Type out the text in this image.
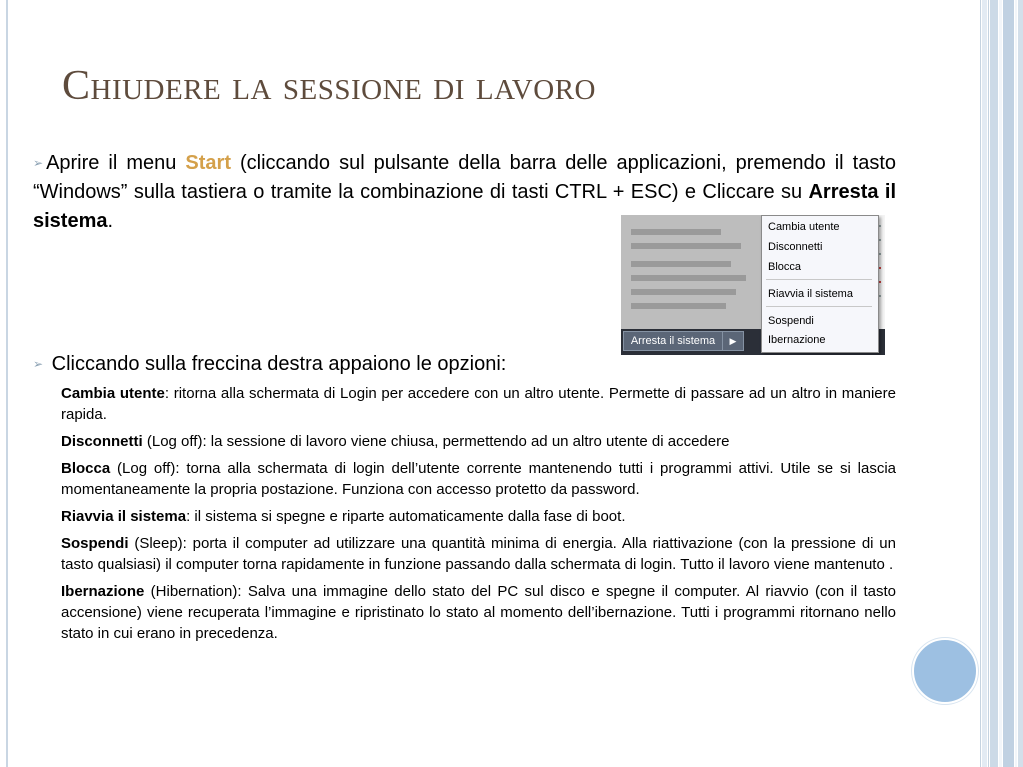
Chiudere la sessione di lavoro

➢ Aprire il menu Start (cliccando sul pulsante della barra delle applicazioni, premendo il tasto “Windows” sulla tastiera o tramite la combinazione di tasti CTRL + ESC) e Cliccare su Arresta il sistema.

Arresta il sistema	▶
Cambia utente
Disconnetti
Blocca
Riavvia il sistema
Sospendi
Ibernazione

➢ Cliccando sulla freccina destra appaiono le opzioni:

Cambia utente: ritorna alla schermata di Login per accedere con un altro utente. Permette di passare ad un altro in maniere rapida.

Disconnetti (Log off): la sessione di lavoro viene chiusa, permettendo ad un altro utente di accedere

Blocca (Log off): torna alla schermata di login dell’utente corrente mantenendo tutti i programmi attivi. Utile se si lascia momentaneamente la propria postazione. Funziona con accesso protetto da password.

Riavvia il sistema: il sistema si spegne e riparte automaticamente dalla fase di boot.

Sospendi (Sleep): porta il computer ad utilizzare una quantità minima di energia. Alla riattivazione (con la pressione di un tasto qualsiasi) il computer torna rapidamente in funzione passando dalla schermata di login. Tutto il lavoro viene mantenuto .

Ibernazione (Hibernation): Salva una immagine dello stato del PC sul disco e spegne il computer. Al riavvio (con il tasto accensione) viene recuperata l’immagine e ripristinato lo stato al momento dell’ibernazione. Tutti i programmi ritornano nello stato in cui erano in precedenza.
